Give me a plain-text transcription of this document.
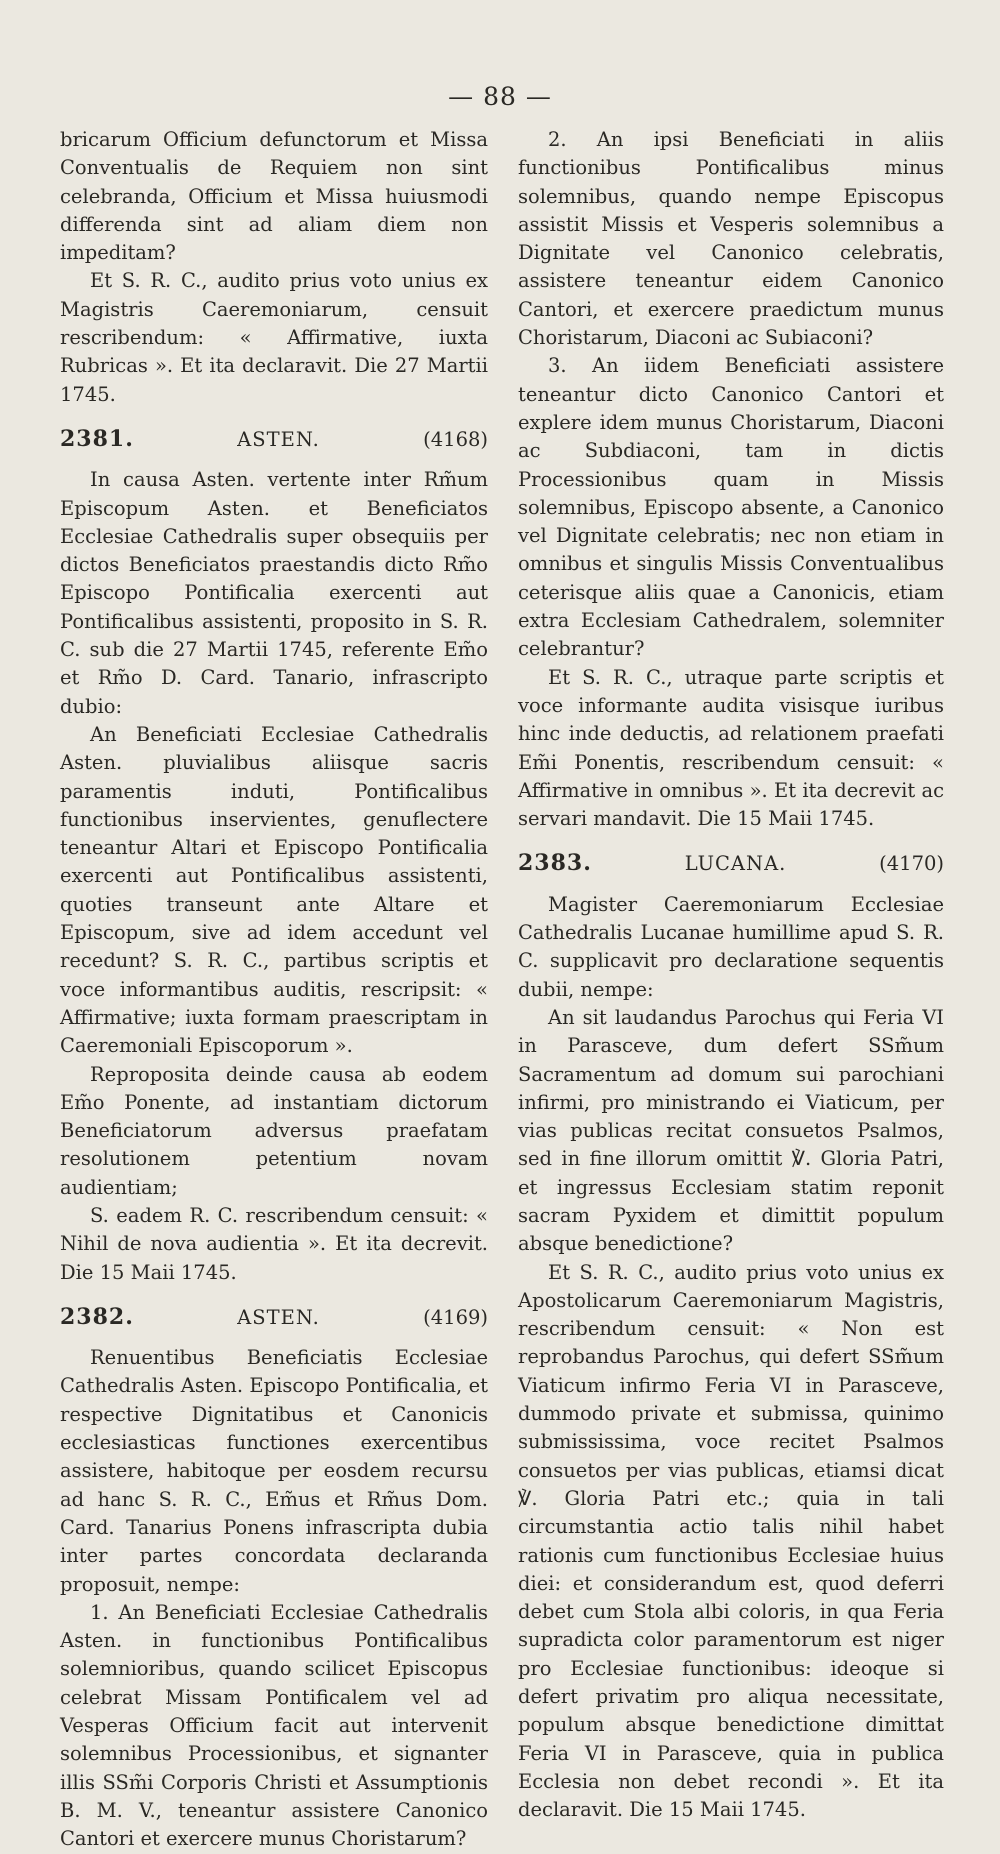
— 88 —

bricarum Officium defunctorum et Missa Conventualis de Requiem non sint celebranda, Officium et Missa huiusmodi differenda sint ad aliam diem non impeditam?

Et S. R. C., audito prius voto unius ex Magistris Caeremoniarum, censuit rescribendum: « Affirmative, iuxta Rubricas ». Et ita declaravit. Die 27 Martii 1745.

2381.	ASTEN.	(4168)

In causa Asten. vertente inter Rm̃um Episcopum Asten. et Beneficiatos Ecclesiae Cathedralis super obsequiis per dictos Beneficiatos praestandis dicto Rm̃o Episcopo Pontificalia exercenti aut Pontificalibus assistenti, proposito in S. R. C. sub die 27 Martii 1745, referente Em̃o et Rm̃o D. Card. Tanario, infrascripto dubio:

An Beneficiati Ecclesiae Cathedralis Asten. pluvialibus aliisque sacris paramentis induti, Pontificalibus functionibus inservientes, genuflectere teneantur Altari et Episcopo Pontificalia exercenti aut Pontificalibus assistenti, quoties transeunt ante Altare et Episcopum, sive ad idem accedunt vel recedunt? S. R. C., partibus scriptis et voce informantibus auditis, rescripsit: « Affirmative; iuxta formam praescriptam in Caeremoniali Episcoporum ».

Reproposita deinde causa ab eodem Em̃o Ponente, ad instantiam dictorum Beneficiatorum adversus praefatam resolutionem petentium novam audientiam;

S. eadem R. C. rescribendum censuit: « Nihil de nova audientia ». Et ita decrevit. Die 15 Maii 1745.

2382.	ASTEN.	(4169)

Renuentibus Beneficiatis Ecclesiae Cathedralis Asten. Episcopo Pontificalia, et respective Dignitatibus et Canonicis ecclesiasticas functiones exercentibus assistere, habitoque per eosdem recursu ad hanc S. R. C., Em̃us et Rm̃us Dom. Card. Tanarius Ponens infrascripta dubia inter partes concordata declaranda proposuit, nempe:

1. An Beneficiati Ecclesiae Cathedralis Asten. in functionibus Pontificalibus solemnioribus, quando scilicet Episcopus celebrat Missam Pontificalem vel ad Vesperas Officium facit aut intervenit solemnibus Processionibus, et signanter illis SSm̃i Corporis Christi et Assumptionis B. M. V., teneantur assistere Canonico Cantori et exercere munus Choristarum?

2. An ipsi Beneficiati in aliis functionibus Pontificalibus minus solemnibus, quando nempe Episcopus assistit Missis et Vesperis solemnibus a Dignitate vel Canonico celebratis, assistere teneantur eidem Canonico Cantori, et exercere praedictum munus Choristarum, Diaconi ac Subiaconi?

3. An iidem Beneficiati assistere teneantur dicto Canonico Cantori et explere idem munus Choristarum, Diaconi ac Subdiaconi, tam in dictis Processionibus quam in Missis solemnibus, Episcopo absente, a Canonico vel Dignitate celebratis; nec non etiam in omnibus et singulis Missis Conventualibus ceterisque aliis quae a Canonicis, etiam extra Ecclesiam Cathedralem, solemniter celebrantur?

Et S. R. C., utraque parte scriptis et voce informante audita visisque iuribus hinc inde deductis, ad relationem praefati Em̃i Ponentis, rescribendum censuit: « Affirmative in omnibus ». Et ita decrevit ac servari mandavit. Die 15 Maii 1745.

2383.	LUCANA.	(4170)

Magister Caeremoniarum Ecclesiae Cathedralis Lucanae humillime apud S. R. C. supplicavit pro declaratione sequentis dubii, nempe:

An sit laudandus Parochus qui Feria VI in Parasceve, dum defert SSm̃um Sacramentum ad domum sui parochiani infirmi, pro ministrando ei Viaticum, per vias publicas recitat consuetos Psalmos, sed in fine illorum omittit ℣. Gloria Patri, et ingressus Ecclesiam statim reponit sacram Pyxidem et dimittit populum absque benedictione?

Et S. R. C., audito prius voto unius ex Apostolicarum Caeremoniarum Magistris, rescribendum censuit: « Non est reprobandus Parochus, qui defert SSm̃um Viaticum infirmo Feria VI in Parasceve, dummodo privatе et submissa, quinimo submississima, voce recitet Psalmos consuetos per vias publicas, etiamsi dicat ℣. Gloria Patri etc.; quia in tali circumstantia actio talis nihil habet rationis cum functionibus Ecclesiae huius diei: et considerandum est, quod deferri debet cum Stola albi coloris, in qua Feria supradicta color paramentorum est niger pro Ecclesiae functionibus: ideoque si defert privatim pro aliqua necessitate, populum absque benedictione dimittat Feria VI in Parasceve, quia in publica Ecclesia non debet recondi ». Et ita declaravit. Die 15 Maii 1745.
